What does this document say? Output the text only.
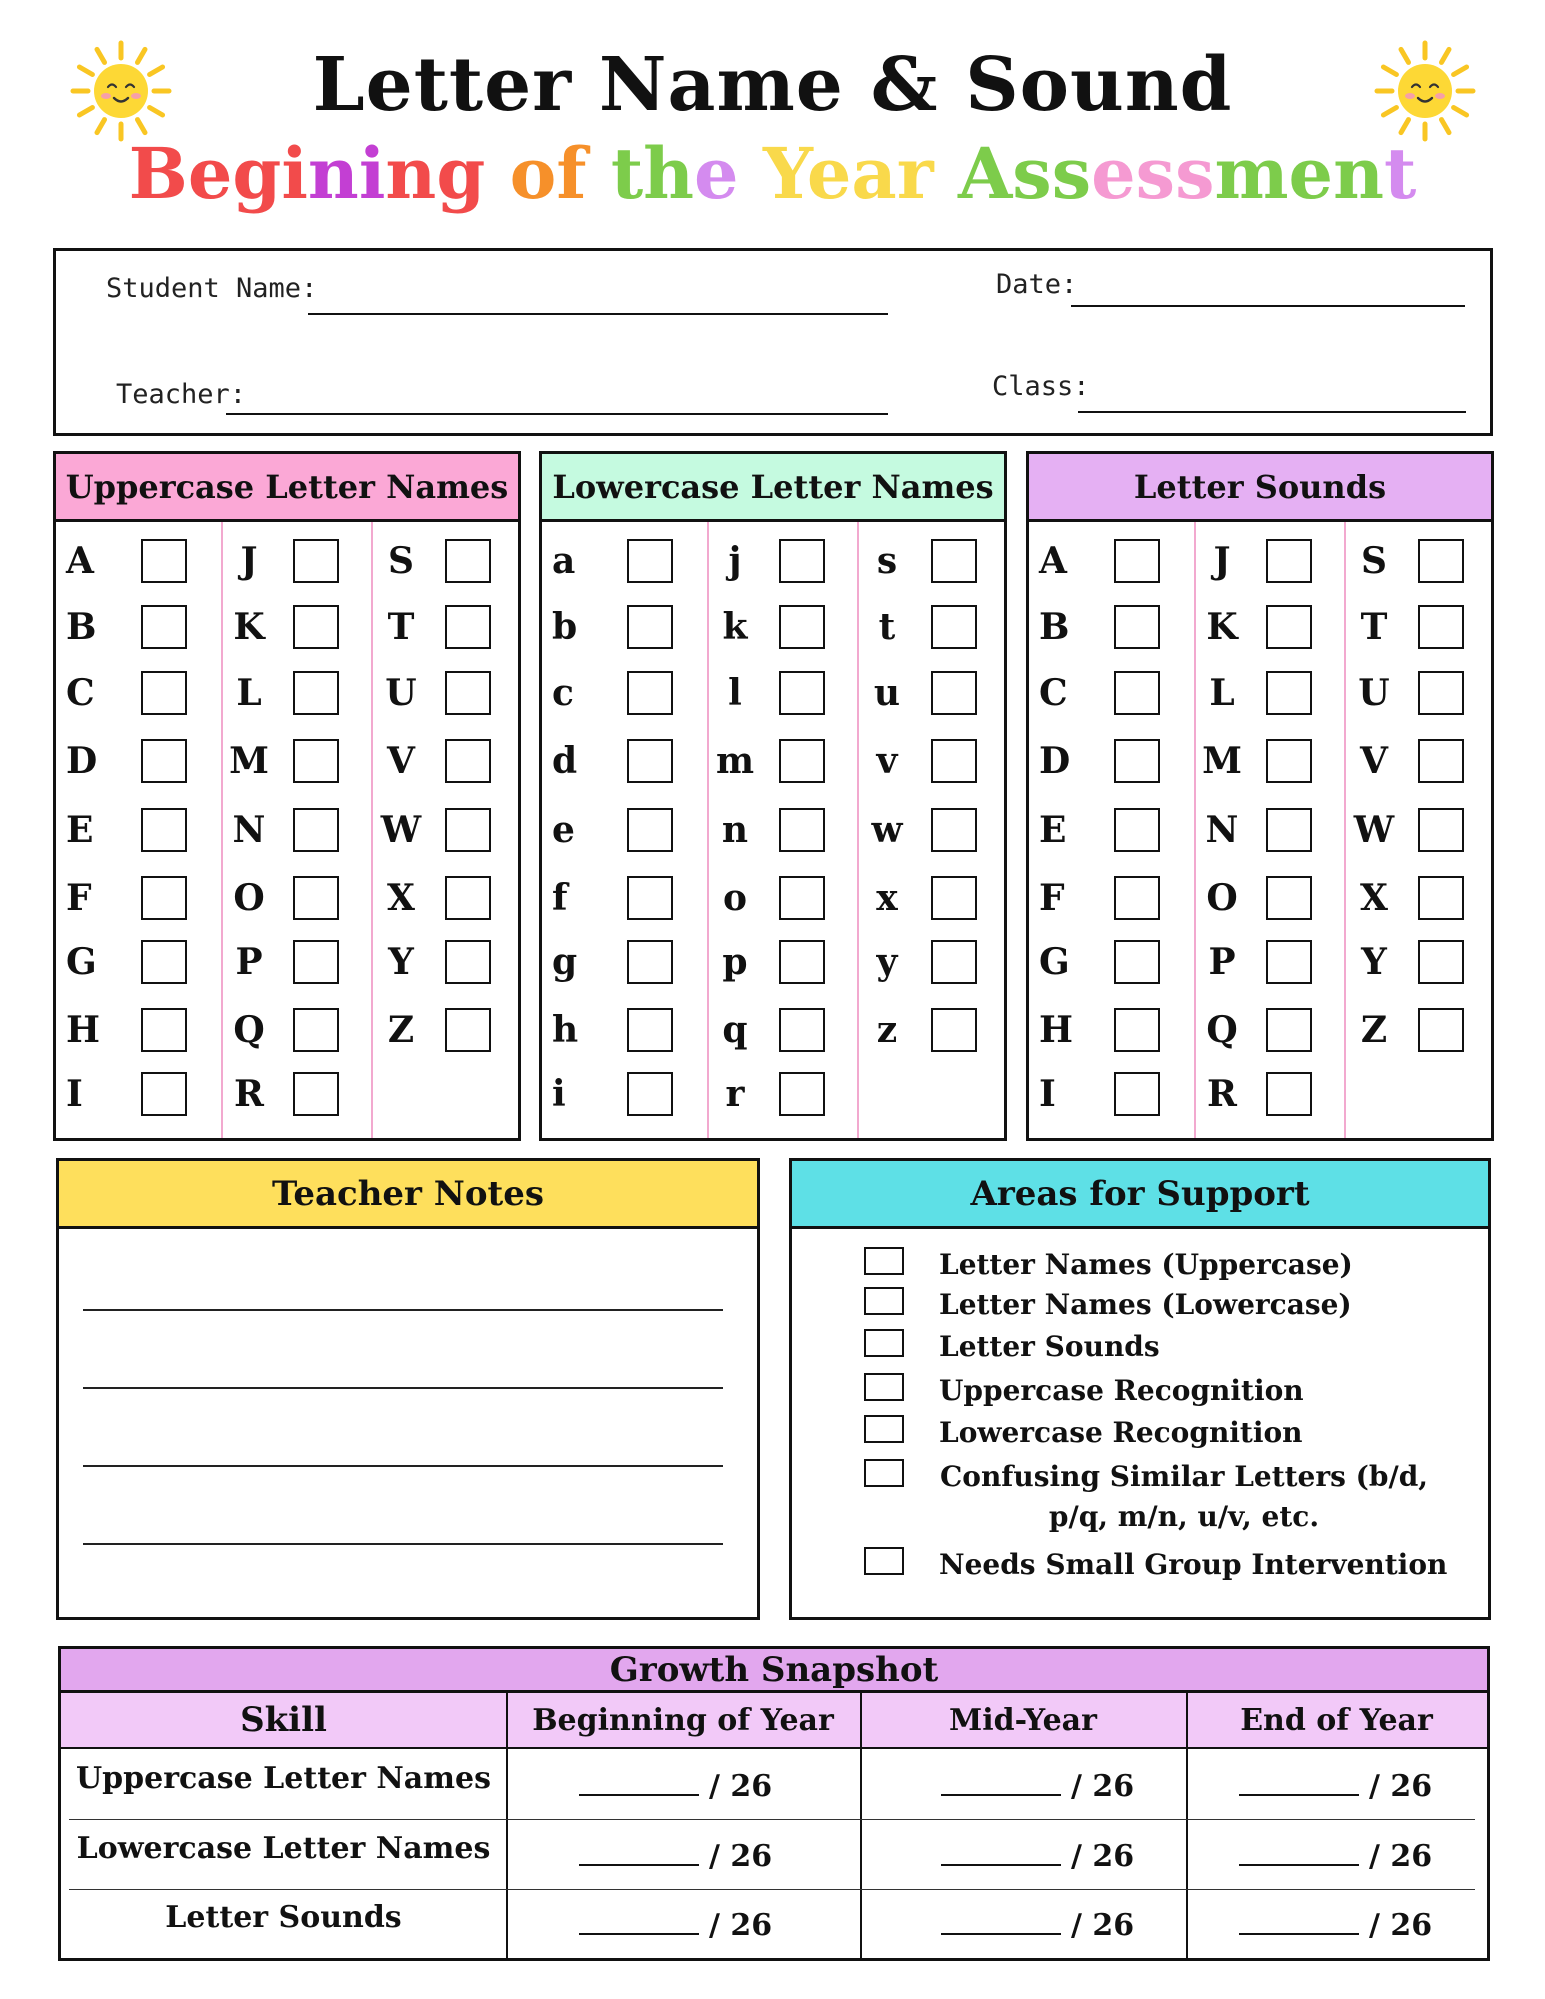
Letter Name & Sound
Begining of the Year Assessment
Student Name:	Date:
Teacher:	Class:
Uppercase Letter Names
A
B
C
D
E
F
G
H
I
J
K
L
M
N
O
P
Q
R
S
T
U
V
W
X
Y
Z
Lowercase Letter Names
a
b
c
d
e
f
g
h
i
j
k
l
m
n
o
p
q
r
s
t
u
v
w
x
y
z
Letter Sounds
A
B
C
D
E
F
G
H
I
J
K
L
M
N
O
P
Q
R
S
T
U
V
W
X
Y
Z
Teacher Notes	Areas for Support
Letter Names (Uppercase)
Letter Names (Lowercase)
Letter Sounds
Uppercase Recognition
Lowercase Recognition
Confusing Similar Letters (b/d, p/q, m/n, u/v, etc.
Needs Small Group Intervention
Growth Snapshot
Skill	Beginning of Year	Mid-Year	End of Year
Uppercase Letter Names	/ 26	/ 26	/ 26
Lowercase Letter Names	/ 26	/ 26	/ 26
Letter Sounds	/ 26	/ 26	/ 26
